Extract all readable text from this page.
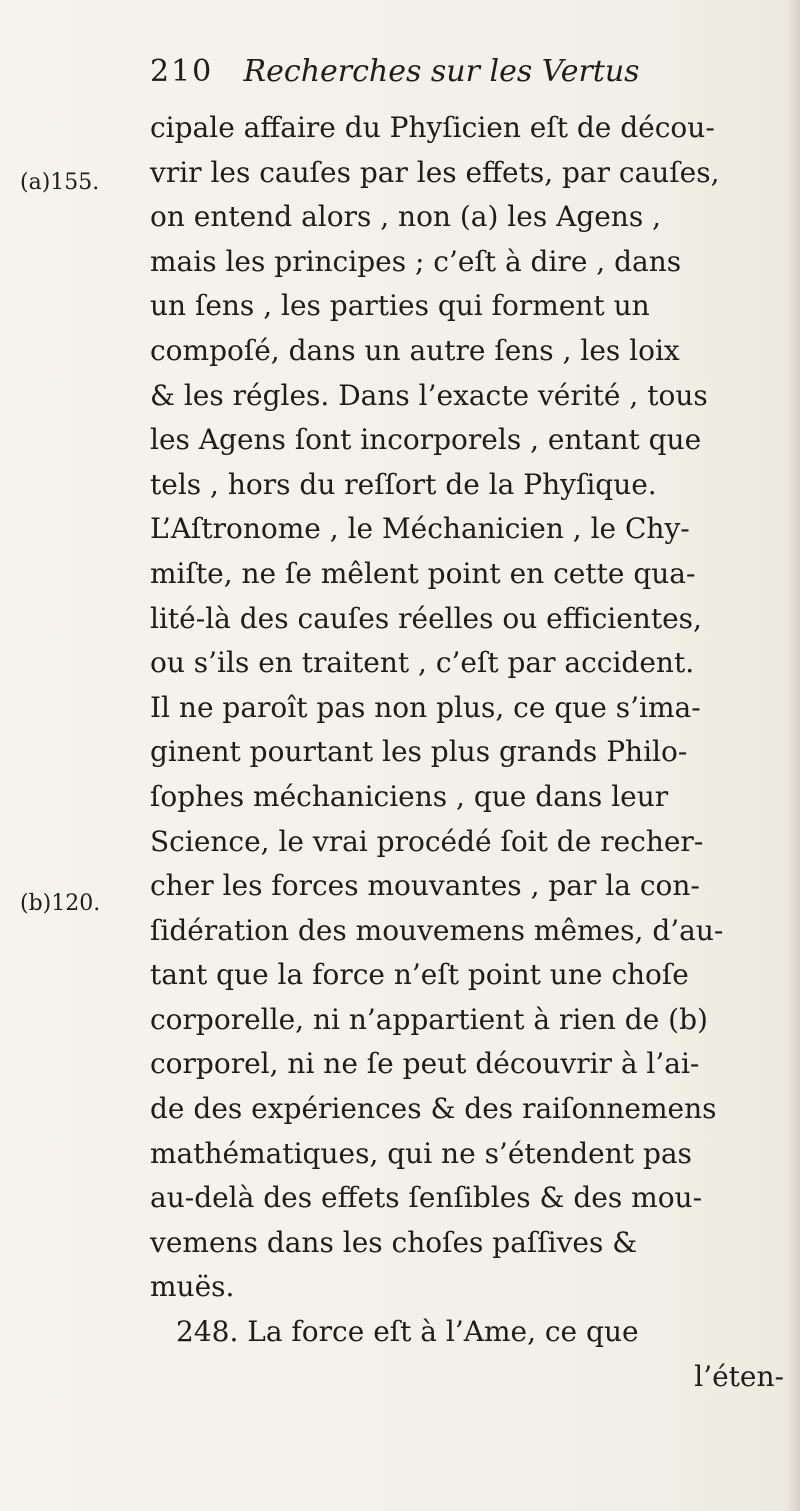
210 Recherches sur les Vertus
(a)155.
(b)120.
cipale affaire du Phyſicien eſt de décou-
vrir les cauſes par les effets, par cauſes,
on entend alors , non (a) les Agens ,
mais les principes ; c’eſt à dire , dans
un ſens , les parties qui forment un
compoſé, dans un autre ſens , les loix
& les régles. Dans l’exacte vérité , tous
les Agens ſont incorporels , entant que
tels , hors du reſſort de la Phyſique.
L’Aſtronome , le Méchanicien , le Chy-
miſte, ne ſe mêlent point en cette qua-
lité-là des cauſes réelles ou efficientes,
ou s’ils en traitent , c’eſt par accident.
Il ne paroît pas non plus, ce que s’ima-
ginent pourtant les plus grands Philo-
ſophes méchaniciens , que dans leur
Science, le vrai procédé ſoit de recher-
cher les forces mouvantes , par la con-
ſidération des mouvemens mêmes, d’au-
tant que la force n’eſt point une choſe
corporelle, ni n’appartient à rien de (b)
corporel, ni ne ſe peut découvrir à l’ai-
de des expériences & des raiſonnemens
mathématiques, qui ne s’étendent pas
au-delà des effets ſenſibles & des mou-
vemens dans les choſes paſſives &
muës.
248. La force eſt à l’Ame, ce que
l’éten-
